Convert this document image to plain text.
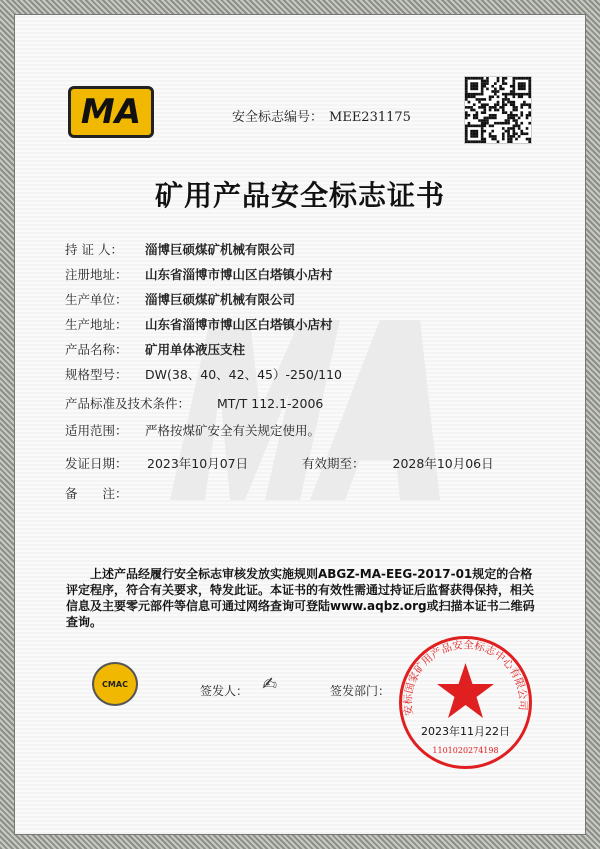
MA	安全标志编号： MEE231175
矿用产品安全标志证书
持 证 人： 淄博巨硕煤矿机械有限公司
注册地址： 山东省淄博市博山区白塔镇小店村
生产单位： 淄博巨硕煤矿机械有限公司
生产地址： 山东省淄博市博山区白塔镇小店村
产品名称： 矿用单体液压支柱
规格型号： DW(38、40、42、45）-250/110
产品标准及技术条件： MT/T 112.1-2006
适用范围： 严格按煤矿安全有关规定使用。
发证日期： 2023年10月07日	有效期至： 2028年10月06日
备　　注：
上述产品经履行安全标志审核发放实施规则ABGZ-MA-EEG-2017-01规定的合格评定程序，符合有关要求，特发此证。本证书的有效性需通过持证后监督获得保持，相关信息及主要零元部件等信息可通过网络查询可登陆www.aqbz.org或扫描本证书二维码查询。
CMAC	签发人： ✍	签发部门：
安标国家矿用产品安全标志中心有限公司
2023年11月22日
1101020274198
